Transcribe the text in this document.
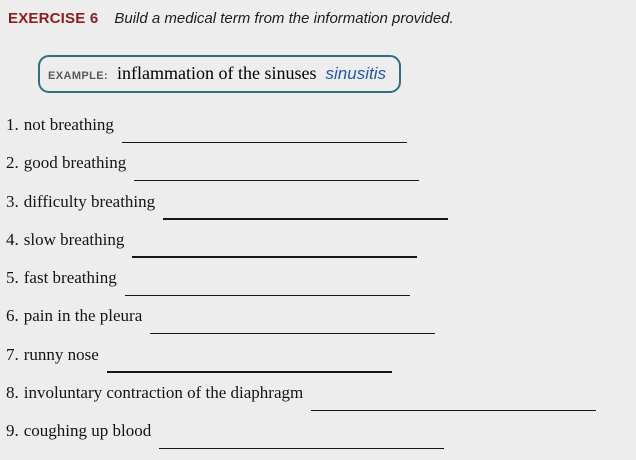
EXERCISE 6 Build a medical term from the information provided.
EXAMPLE: inflammation of the sinuses sinusitis
1. not breathing
2. good breathing
3. difficulty breathing
4. slow breathing
5. fast breathing
6. pain in the pleura
7. runny nose
8. involuntary contraction of the diaphragm
9. coughing up blood
